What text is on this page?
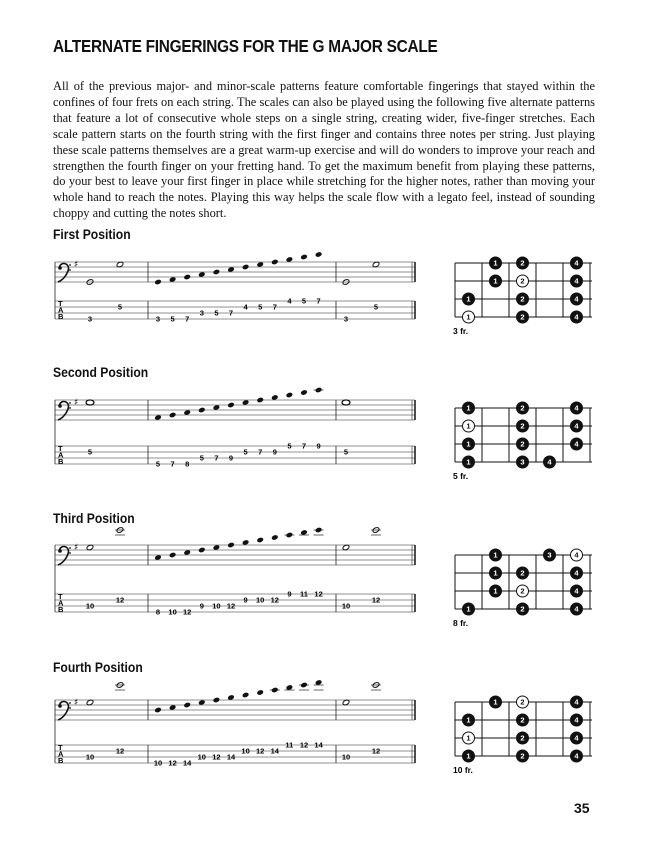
ALTERNATE FINGERINGS FOR THE G MAJOR SCALE
All of the previous major- and minor-scale patterns feature comfortable fingerings that stayed within the confines of four frets on each string. The scales can also be played using the following five alternate patterns that feature a lot of consecutive whole steps on a single string, creating wider, five-finger stretches. Each scale pattern starts on the fourth string with the first finger and contains three notes per string. Just playing these scale patterns themselves are a great warm-up exercise and will do wonders to improve your reach and strengthen the fourth finger on your fretting hand. To get the maximum benefit from playing these patterns, do your best to leave your first finger in place while stretching for the higher notes, rather than moving your whole hand to reach the notes. Playing this way helps the scale flow with a legato feel, instead of sounding choppy and cutting the notes short.
First Position
Second Position
Third Position
Fourth Position
35
♯
T
A
B	3
5
3
5
3 5 7
3 5 7
4 5 7
4 5 7
1	2	4
1	2	4
1	2	4
1	2	4
3 fr.
♯
T
A
B
5	5
5 7 8
5 7 9
5 7 9
5 7 9
1	2	4
1	2	4
1	2	4
1	3	4
5 fr.
♯
T
A
B	10
12
10
12
8 10 12
9 10 12
9 10 12
9 11 12
1	3	4
1	2	4
1	2	4
1	2	4
8 fr.
♯
T
A
B	10
12
10
12
10 12 14
10 12 14
10 12 14
11 12 14
1	2	4
1	2	4
1	2	4
1	2	4
10 fr.
